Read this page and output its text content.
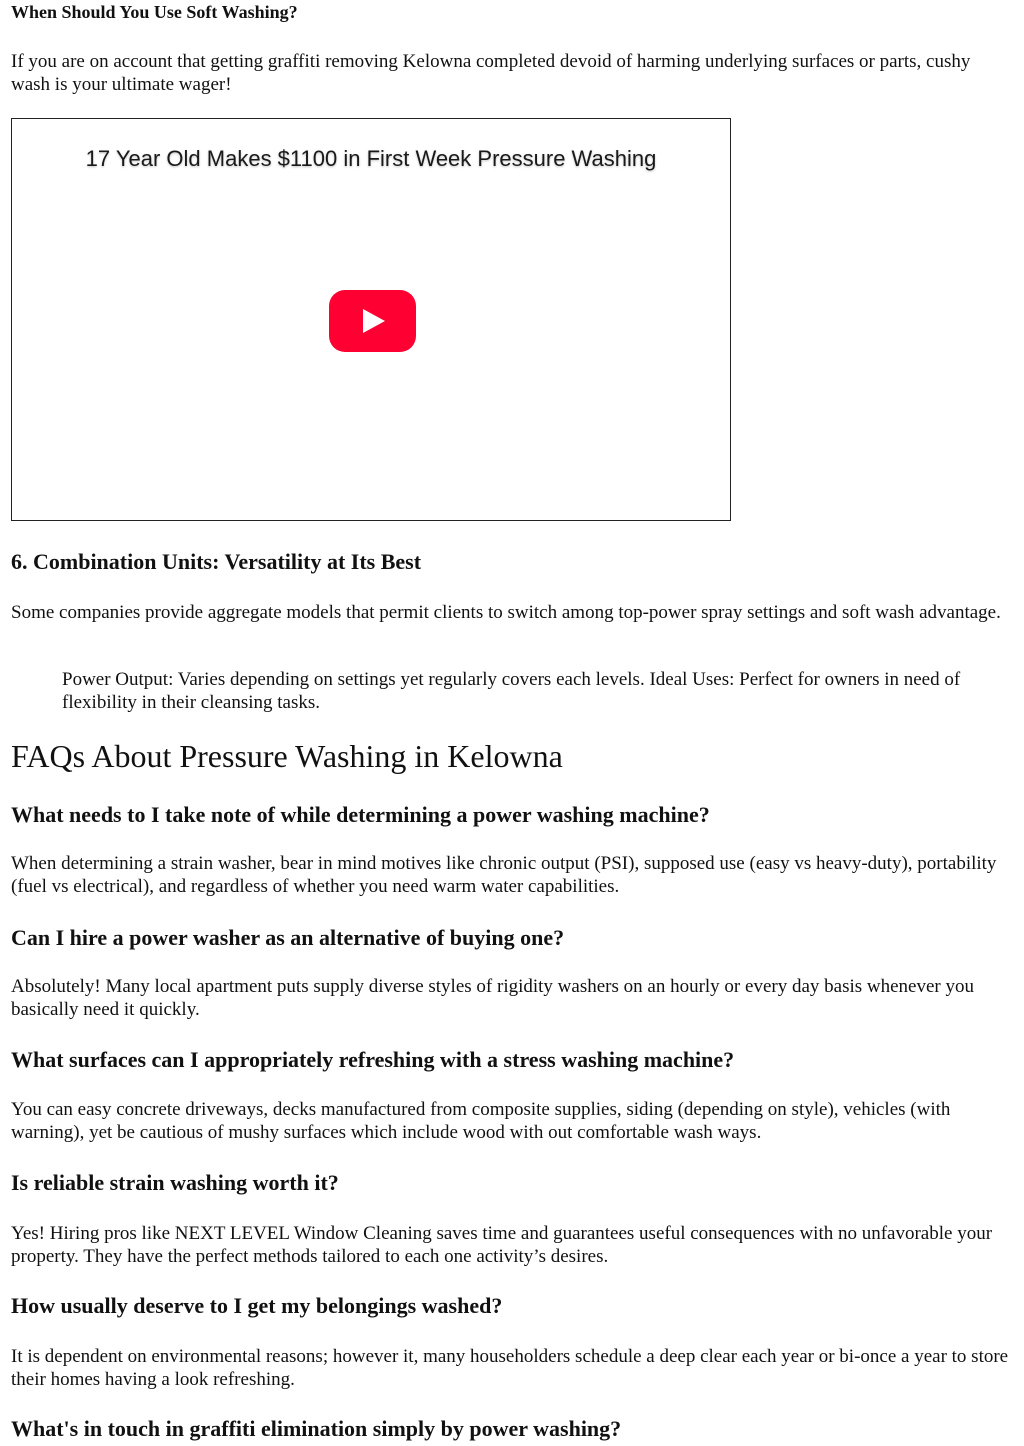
When Should You Use Soft Washing?

If you are on account that getting graffiti removing Kelowna completed devoid of harming underlying surfaces or parts, cushy wash is your ultimate wager!

17 Year Old Makes $1100 in First Week Pressure Washing
6. Combination Units: Versatility at Its Best

Some companies provide aggregate models that permit clients to switch among top-power spray settings and soft wash advantage.

Power Output: Varies depending on settings yet regularly covers each levels. Ideal Uses: Perfect for owners in need of flexibility in their cleansing tasks.

FAQs About Pressure Washing in Kelowna
What needs to I take note of while determining a power washing machine?

When determining a strain washer, bear in mind motives like chronic output (PSI), supposed use (easy vs heavy-duty), portability (fuel vs electrical), and regardless of whether you need warm water capabilities.

Can I hire a power washer as an alternative of buying one?

Absolutely! Many local apartment puts supply diverse styles of rigidity washers on an hourly or every day basis whenever you basically need it quickly.

What surfaces can I appropriately refreshing with a stress washing machine?

You can easy concrete driveways, decks manufactured from composite supplies, siding (depending on style), vehicles (with warning), yet be cautious of mushy surfaces which include wood with out comfortable wash ways.

Is reliable strain washing worth it?

Yes! Hiring pros like NEXT LEVEL Window Cleaning saves time and guarantees useful consequences with no unfavorable your property. They have the perfect methods tailored to each one activity’s desires.

How usually deserve to I get my belongings washed?

It is dependent on environmental reasons; however it, many householders schedule a deep clear each year or bi-once a year to store their homes having a look refreshing.

What's in touch in graffiti elimination simply by power washing?
